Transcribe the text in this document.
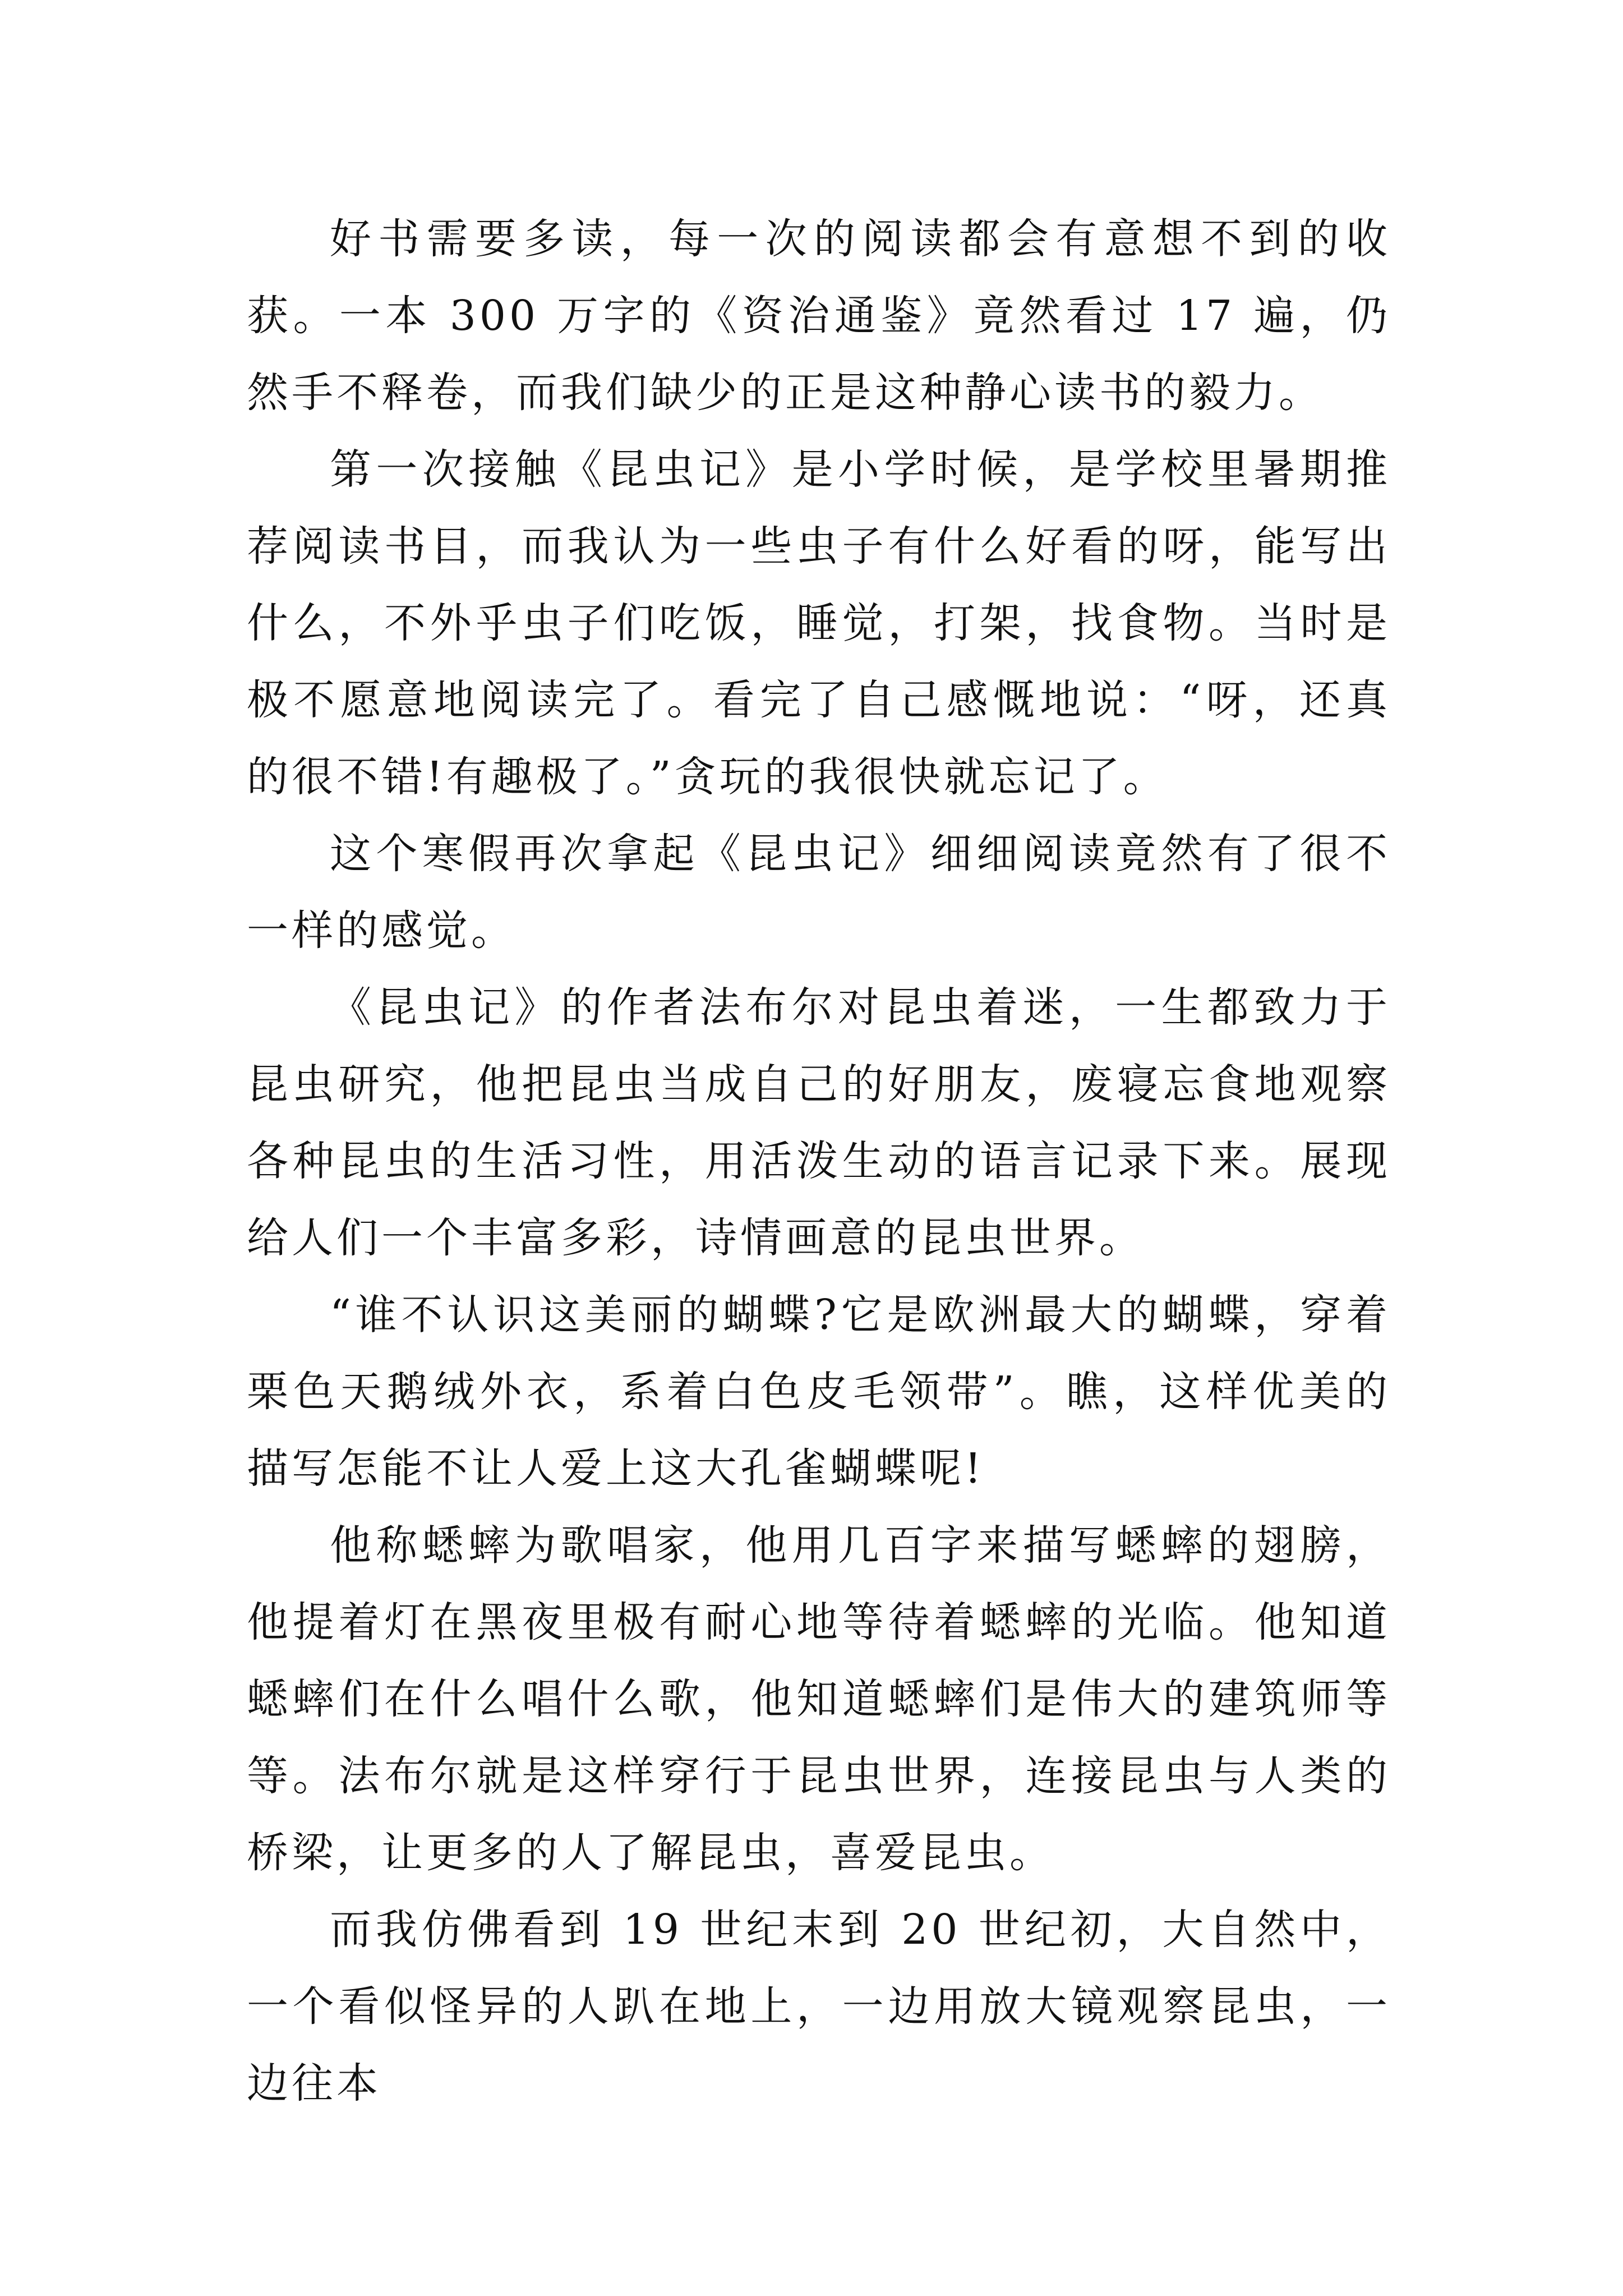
好书需要多读，每一次的阅读都会有意想不到的收获。一本 300 万字的《资治通鉴》竟然看过 17 遍，仍然手不释卷，而我们缺少的正是这种静心读书的毅力。

第一次接触《昆虫记》是小学时候，是学校里暑期推荐阅读书目，而我认为一些虫子有什么好看的呀，能写出什么，不外乎虫子们吃饭，睡觉，打架，找食物。当时是极不愿意地阅读完了。看完了自己感慨地说：“呀，还真的很不错!有趣极了。”贪玩的我很快就忘记了。

这个寒假再次拿起《昆虫记》细细阅读竟然有了很不一样的感觉。

《昆虫记》的作者法布尔对昆虫着迷，一生都致力于昆虫研究，他把昆虫当成自己的好朋友，废寝忘食地观察各种昆虫的生活习性，用活泼生动的语言记录下来。展现给人们一个丰富多彩，诗情画意的昆虫世界。

“谁不认识这美丽的蝴蝶?它是欧洲最大的蝴蝶，穿着栗色天鹅绒外衣，系着白色皮毛领带”。瞧，这样优美的描写怎能不让人爱上这大孔雀蝴蝶呢!

他称蟋蟀为歌唱家，他用几百字来描写蟋蟀的翅膀，他提着灯在黑夜里极有耐心地等待着蟋蟀的光临。他知道蟋蟀们在什么唱什么歌，他知道蟋蟀们是伟大的建筑师等等。法布尔就是这样穿行于昆虫世界，连接昆虫与人类的桥梁，让更多的人了解昆虫，喜爱昆虫。

而我仿佛看到 19 世纪末到 20 世纪初，大自然中，一个看似怪异的人趴在地上，一边用放大镜观察昆虫，一边往本
